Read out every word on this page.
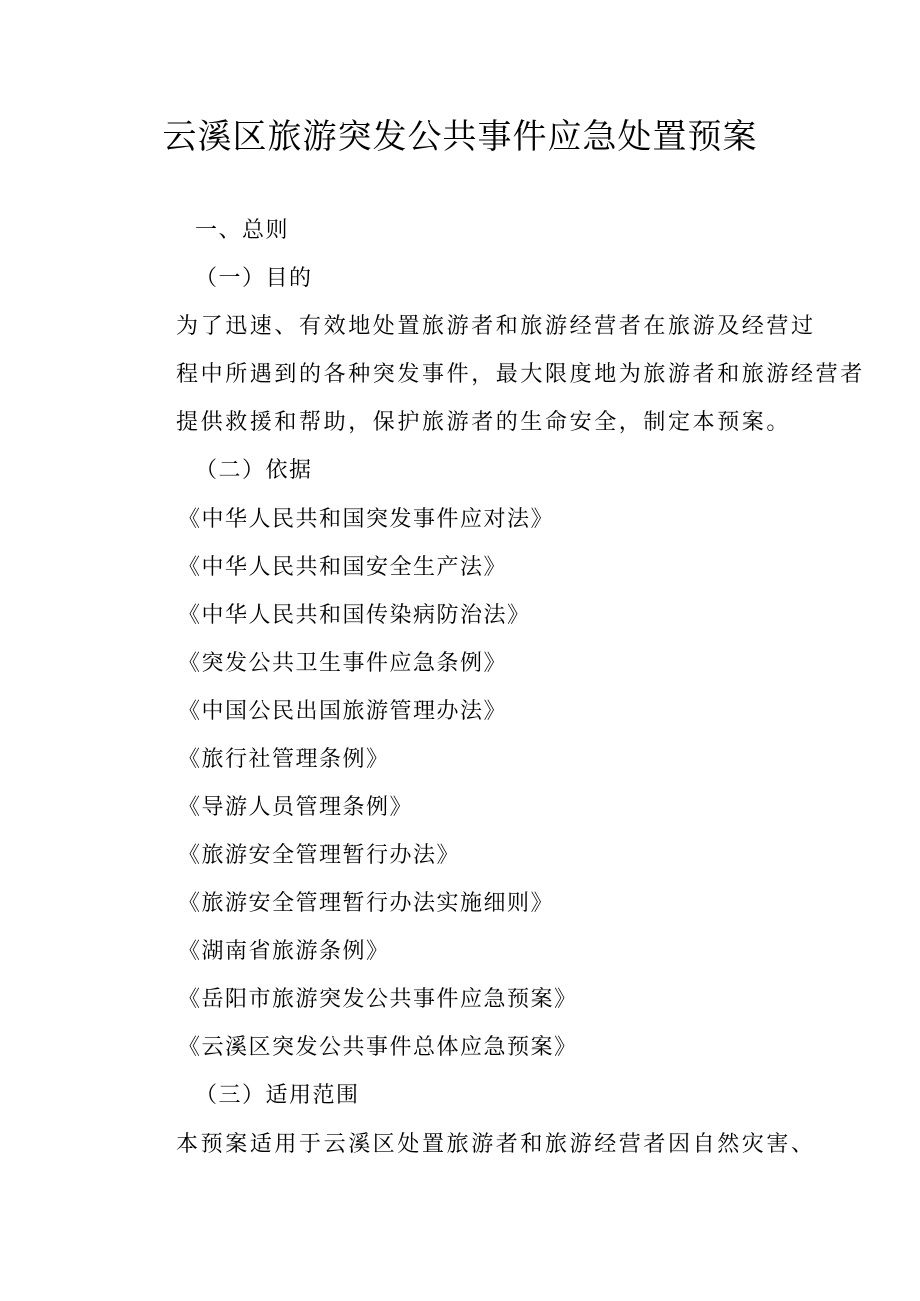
云溪区旅游突发公共事件应急处置预案
一、总则
（一）目的
为了迅速、有效地处置旅游者和旅游经营者在旅游及经营过
程中所遇到的各种突发事件，最大限度地为旅游者和旅游经营者
提供救援和帮助，保护旅游者的生命安全，制定本预案。
（二）依据
《中华人民共和国突发事件应对法》
《中华人民共和国安全生产法》
《中华人民共和国传染病防治法》
《突发公共卫生事件应急条例》
《中国公民出国旅游管理办法》
《旅行社管理条例》
《导游人员管理条例》
《旅游安全管理暂行办法》
《旅游安全管理暂行办法实施细则》
《湖南省旅游条例》
《岳阳市旅游突发公共事件应急预案》
《云溪区突发公共事件总体应急预案》
（三）适用范围
本预案适用于云溪区处置旅游者和旅游经营者因自然灾害、
